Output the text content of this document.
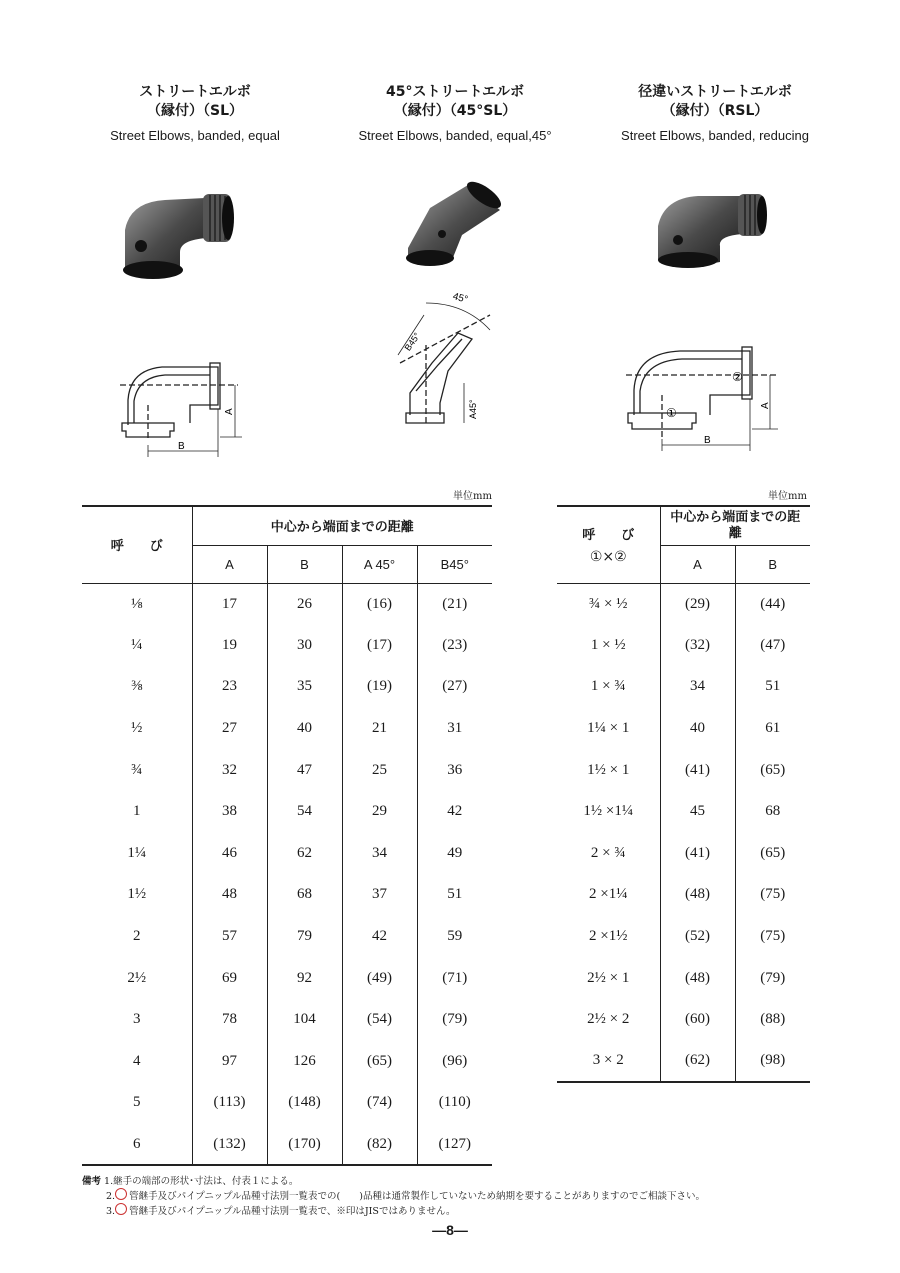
ストリートエルボ
（縁付）（SL）
Street Elbows, banded, equal
45°ストリートエルボ
（縁付）（45°SL）
Street Elbows, banded, equal,45°
径違いストリートエルボ
（縁付）（RSL）
Street Elbows, banded, reducing
B
A
45°
B45°
A45°
②
①
B
A
単位mm	単位mm
呼　　び	中心から端面までの距離			
	A	B	A 45°	B45°
⅛	17	26	(16)	(21)
¼	19	30	(17)	(23)
⅜	23	35	(19)	(27)
½	27	40	21	31
¾	32	47	25	36
1	38	54	29	42
1¼	46	62	34	49
1½	48	68	37	51
2	57	79	42	59
2½	69	92	(49)	(71)
3	78	104	(54)	(79)
4	97	126	(65)	(96)
5	(113)	(148)	(74)	(110)
6	(132)	(170)	(82)	(127)
呼　　び
①×②	中心から端面までの距離	
	A	B
¾ × ½	(29)	(44)
1 × ½	(32)	(47)
1 × ¾	34	51
1¼ × 1	40	61
1½ × 1	(41)	(65)
1½ ×1¼	45	68
2 × ¾	(41)	(65)
2 ×1¼	(48)	(75)
2 ×1½	(52)	(75)
2½ × 1	(48)	(79)
2½ × 2	(60)	(88)
3 × 2	(62)	(98)
備考 1.継手の端部の形状･寸法は、付表１による。
2. 管継手及びパイプニップル品種寸法別一覧表での(　　)品種は通常製作していないため納期を要することがありますのでご相談下さい。
3. 管継手及びパイプニップル品種寸法別一覧表で、※印はJISではありません。
—8—
